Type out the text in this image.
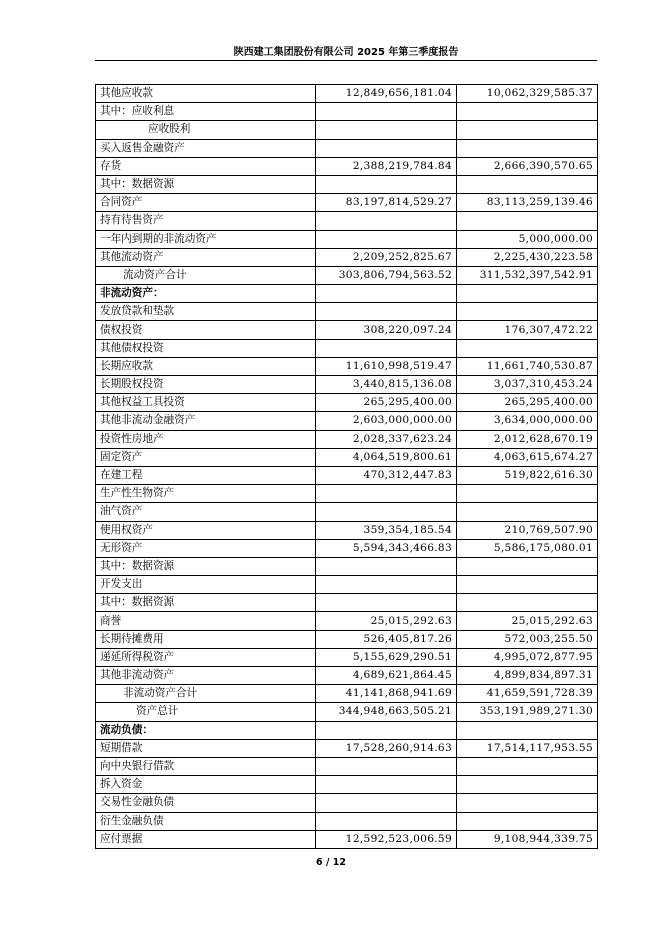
陕西建工集团股份有限公司 2025 年第三季度报告
其他应收款	12,849,656,181.04	10,062,329,585.37
其中：应收利息		
应收股利		
买入返售金融资产		
存货	2,388,219,784.84	2,666,390,570.65
其中：数据资源		
合同资产	83,197,814,529.27	83,113,259,139.46
持有待售资产		
一年内到期的非流动资产		5,000,000.00
其他流动资产	2,209,252,825.67	2,225,430,223.58
流动资产合计	303,806,794,563.52	311,532,397,542.91
非流动资产：		
发放贷款和垫款		
债权投资	308,220,097.24	176,307,472.22
其他债权投资		
长期应收款	11,610,998,519.47	11,661,740,530.87
长期股权投资	3,440,815,136.08	3,037,310,453.24
其他权益工具投资	265,295,400.00	265,295,400.00
其他非流动金融资产	2,603,000,000.00	3,634,000,000.00
投资性房地产	2,028,337,623.24	2,012,628,670.19
固定资产	4,064,519,800.61	4,063,615,674.27
在建工程	470,312,447.83	519,822,616.30
生产性生物资产		
油气资产		
使用权资产	359,354,185.54	210,769,507.90
无形资产	5,594,343,466.83	5,586,175,080.01
其中：数据资源		
开发支出		
其中：数据资源		
商誉	25,015,292.63	25,015,292.63
长期待摊费用	526,405,817.26	572,003,255.50
递延所得税资产	5,155,629,290.51	4,995,072,877.95
其他非流动资产	4,689,621,864.45	4,899,834,897.31
非流动资产合计	41,141,868,941.69	41,659,591,728.39
资产总计	344,948,663,505.21	353,191,989,271.30
流动负债：		
短期借款	17,528,260,914.63	17,514,117,953.55
向中央银行借款		
拆入资金		
交易性金融负债		
衍生金融负债		
应付票据	12,592,523,006.59	9,108,944,339.75
6 / 12
